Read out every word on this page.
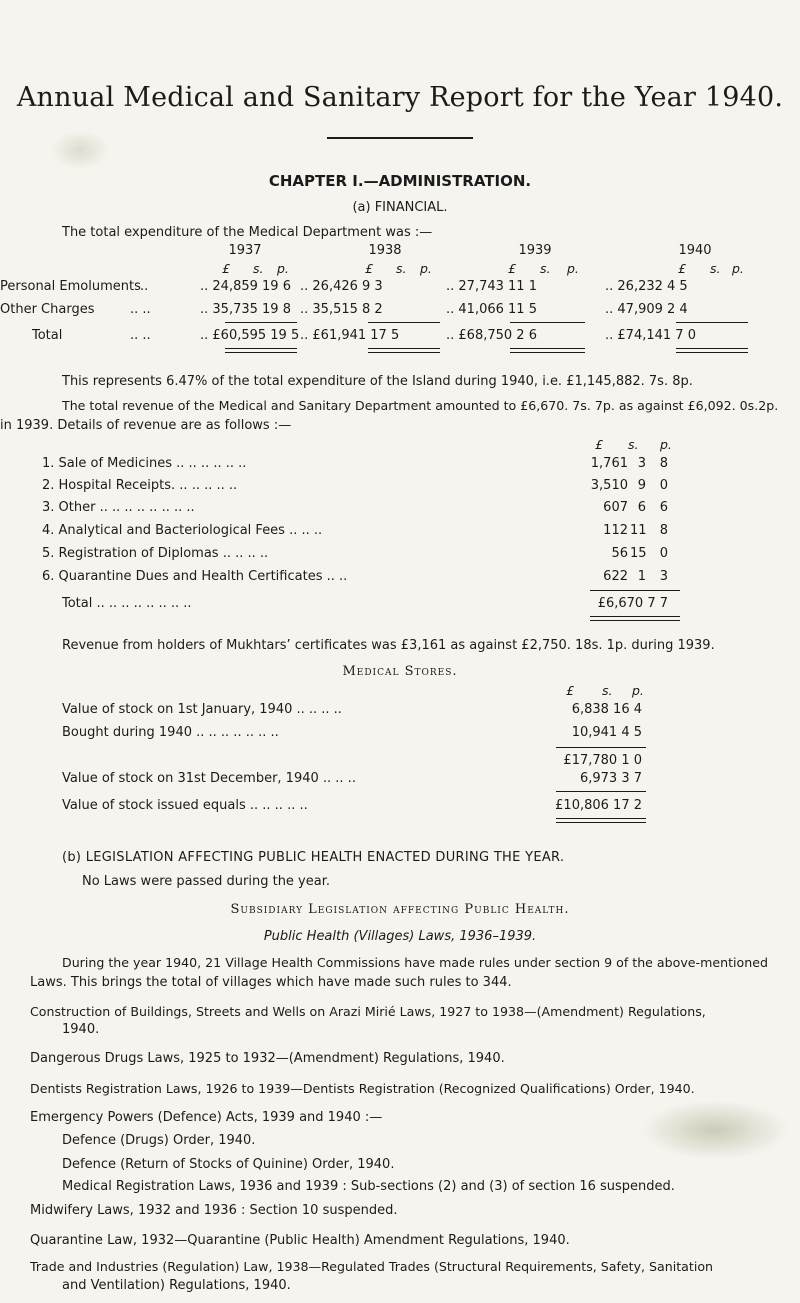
Annual Medical and Sanitary Report for the Year 1940.
CHAPTER I.—ADMINISTRATION.
(a) FINANCIAL.
The total expenditure of the Medical Department was :—
1937	1938	1939	1940
£ s. p.	£ s. p.	£ s. p.	£ s. p.
Personal Emoluments ..	.. 24,859 19 6 .. 26,426 9 3	.. 27,743 11 1	.. 26,232 4 5
Other Charges	.. ..	.. 35,735 19 8 .. 35,515 8 2	.. 41,066 11 5	.. 47,909 2 4
Total	.. ..	.. £60,595 19 5 .. £61,941 17 5	.. £68,750 2 6	.. £74,141 7 0
This represents 6.47% of the total expenditure of the Island during 1940, i.e. £1,145,882. 7s. 8p.
The total revenue of the Medical and Sanitary Department amounted to £6,670. 7s. 7p. as against £6,092. 0s.2p.
in 1939. Details of revenue are as follows :—
£ s. p.
1. Sale of Medicines .. .. .. .. .. ..	1,761 3	8
2. Hospital Receipts. .. .. .. .. ..	3,510 9	0
3. Other .. .. .. .. .. .. .. ..	607 6	6
4. Analytical and Bacteriological Fees .. .. ..	112 11	8
5. Registration of Diplomas .. .. .. ..	56 15	0
6. Quarantine Dues and Health Certificates .. ..	622 1	3
Total .. .. .. .. .. .. .. ..	£6,670 7 7
Revenue from holders of Mukhtars’ certificates was £3,161 as against £2,750. 18s. 1p. during 1939.
Medical Stores.
£ s. p.
Value of stock on 1st January, 1940 .. .. .. ..	6,838 16 4
Bought during 1940 .. .. .. .. .. .. ..	10,941 4 5
£17,780 1 0
Value of stock on 31st December, 1940 .. .. ..	6,973 3 7
Value of stock issued equals .. .. .. .. ..	£10,806 17 2
(b) LEGISLATION AFFECTING PUBLIC HEALTH ENACTED DURING THE YEAR.
No Laws were passed during the year.
Subsidiary Legislation affecting Public Health.
Public Health (Villages) Laws, 1936–1939.
During the year 1940, 21 Village Health Commissions have made rules under section 9 of the above-mentioned
Laws. This brings the total of villages which have made such rules to 344.
Construction of Buildings, Streets and Wells on Arazi Mirié Laws, 1927 to 1938—(Amendment) Regulations,
1940.
Dangerous Drugs Laws, 1925 to 1932—(Amendment) Regulations, 1940.
Dentists Registration Laws, 1926 to 1939—Dentists Registration (Recognized Qualifications) Order, 1940.
Emergency Powers (Defence) Acts, 1939 and 1940 :—
Defence (Drugs) Order, 1940.
Defence (Return of Stocks of Quinine) Order, 1940.
Medical Registration Laws, 1936 and 1939 : Sub-sections (2) and (3) of section 16 suspended.
Midwifery Laws, 1932 and 1936 : Section 10 suspended.
Quarantine Law, 1932—Quarantine (Public Health) Amendment Regulations, 1940.
Trade and Industries (Regulation) Law, 1938—Regulated Trades (Structural Requirements, Safety, Sanitation
and Ventilation) Regulations, 1940.
